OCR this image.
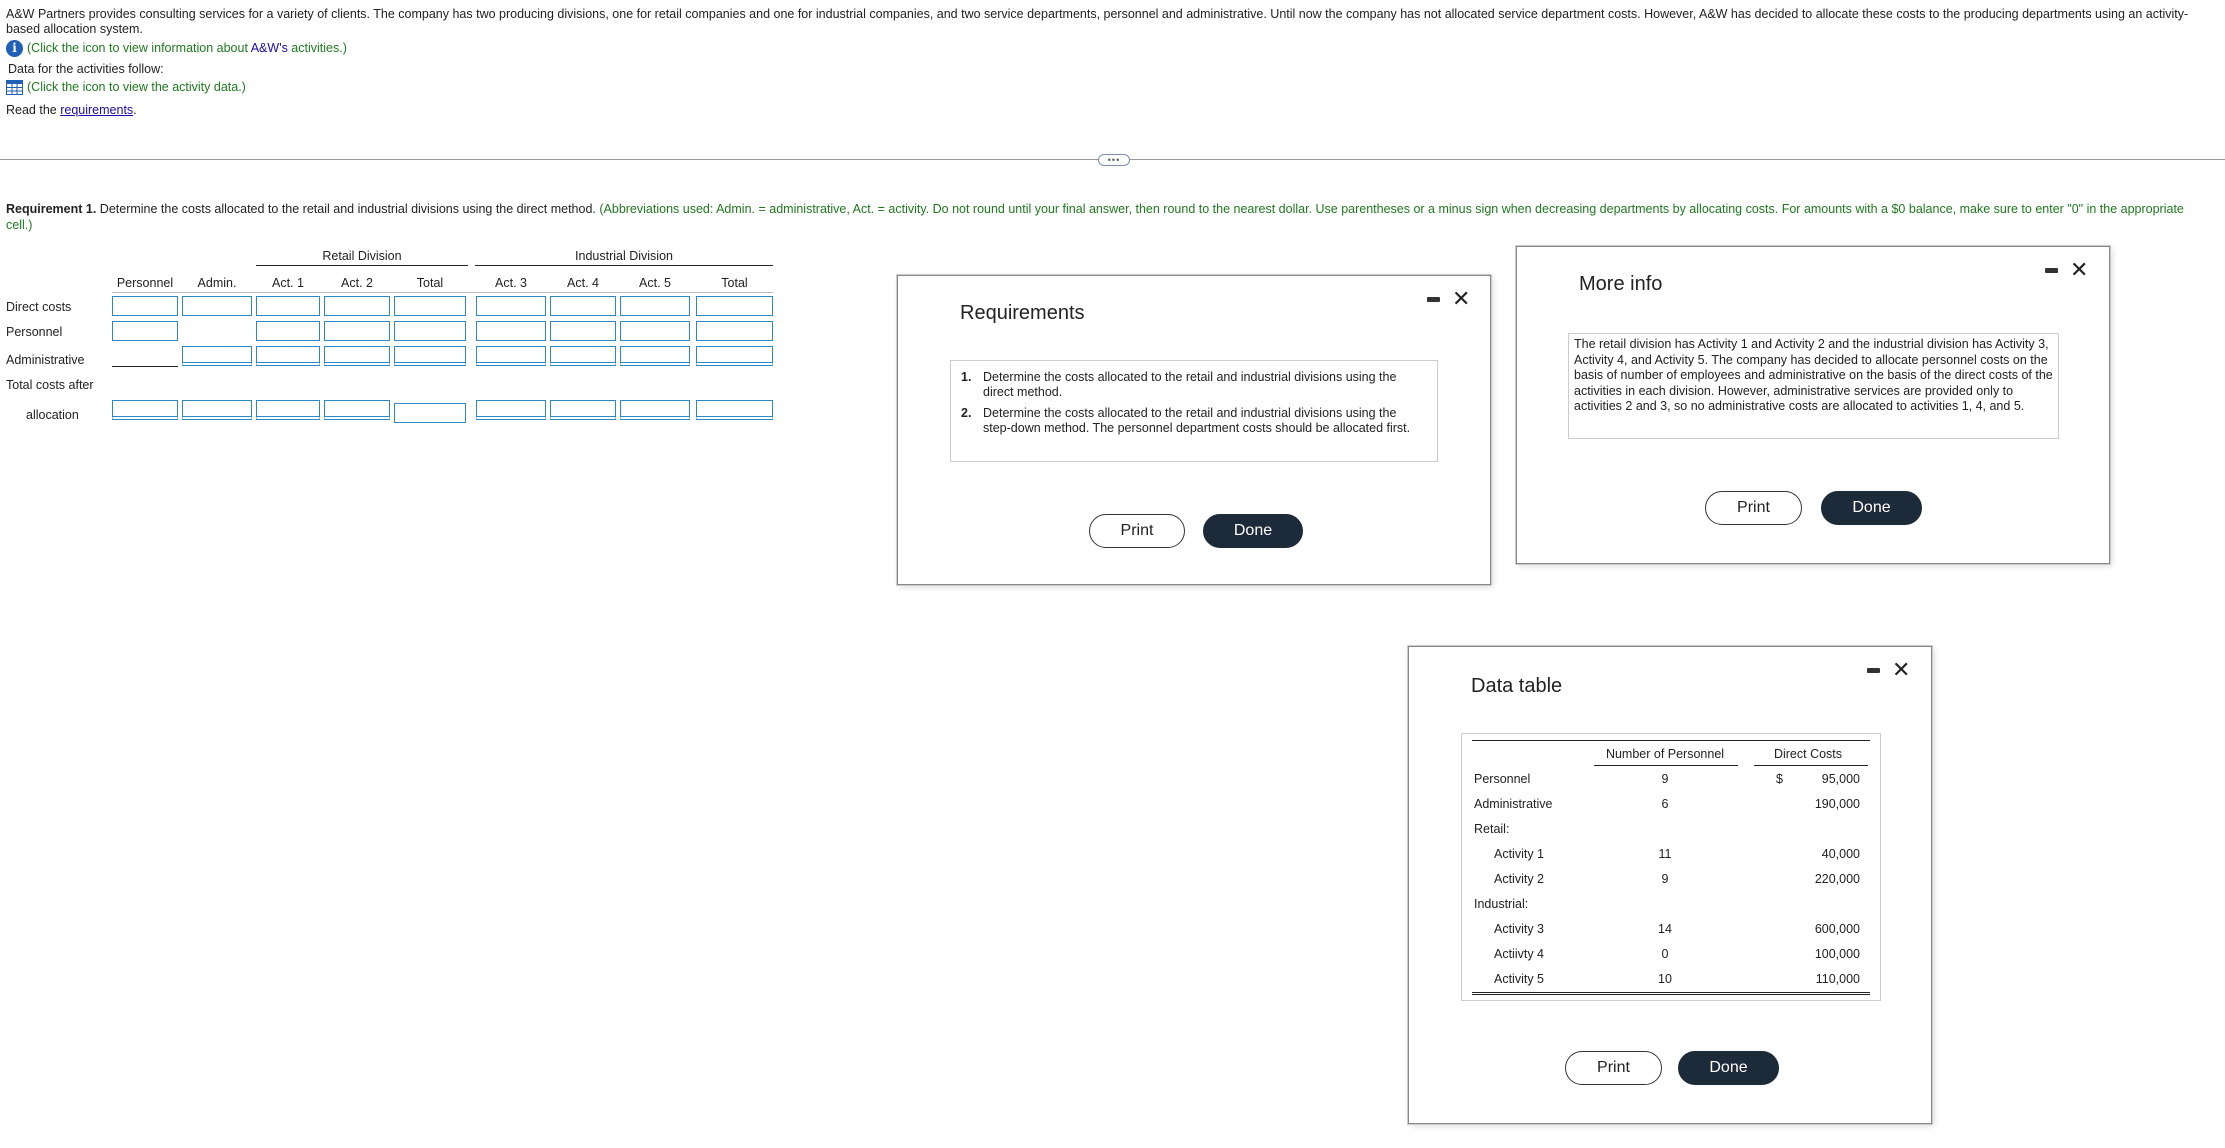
A&W Partners provides consulting services for a variety of clients. The company has two producing divisions, one for retail companies and one for industrial companies, and two service departments, personnel and administrative. Until now the company has not allocated service department costs. However, A&W has decided to allocate these costs to the producing departments using an activity-based allocation system.
i (Click the icon to view information about A&W's activities.)
Data for the activities follow:
(Click the icon to view the activity data.)
Read the requirements.
•••
Requirement 1. Determine the costs allocated to the retail and industrial divisions using the direct method. (Abbreviations used: Admin. = administrative, Act. = activity. Do not round until your final answer, then round to the nearest dollar. Use parentheses or a minus sign when decreasing departments by allocating costs. For amounts with a $0 balance, make sure to enter "0" in the appropriate cell.)
Retail Division	Industrial Division
Personnel	Admin.	Act. 1	Act. 2	Total	Act. 3	Act. 4	Act. 5	Total
Direct costs
Personnel
Administrative
Total costs after
allocation
Requirements
✕
1. Determine the costs allocated to the retail and industrial divisions using the direct method.
2. Determine the costs allocated to the retail and industrial divisions using the step-down method. The personnel department costs should be allocated first.
Print	Done
More info
✕
The retail division has Activity 1 and Activity 2 and the industrial division has Activity 3, Activity 4, and Activity 5. The company has decided to allocate personnel costs on the basis of number of employees and administrative on the basis of the direct costs of the activities in each division. However, administrative services are provided only to activities 2 and 3, so no administrative costs are allocated to activities 1, 4, and 5.
Print	Done
Data table
✕
Number of Personnel	Direct Costs
Personnel	9	$	95,000
Administrative	6	190,000
Retail:
Activity 1	11	40,000
Activity 2	9	220,000
Industrial:
Activity 3	14	600,000
Actiivty 4	0	100,000
Activity 5	10	110,000
Print	Done
